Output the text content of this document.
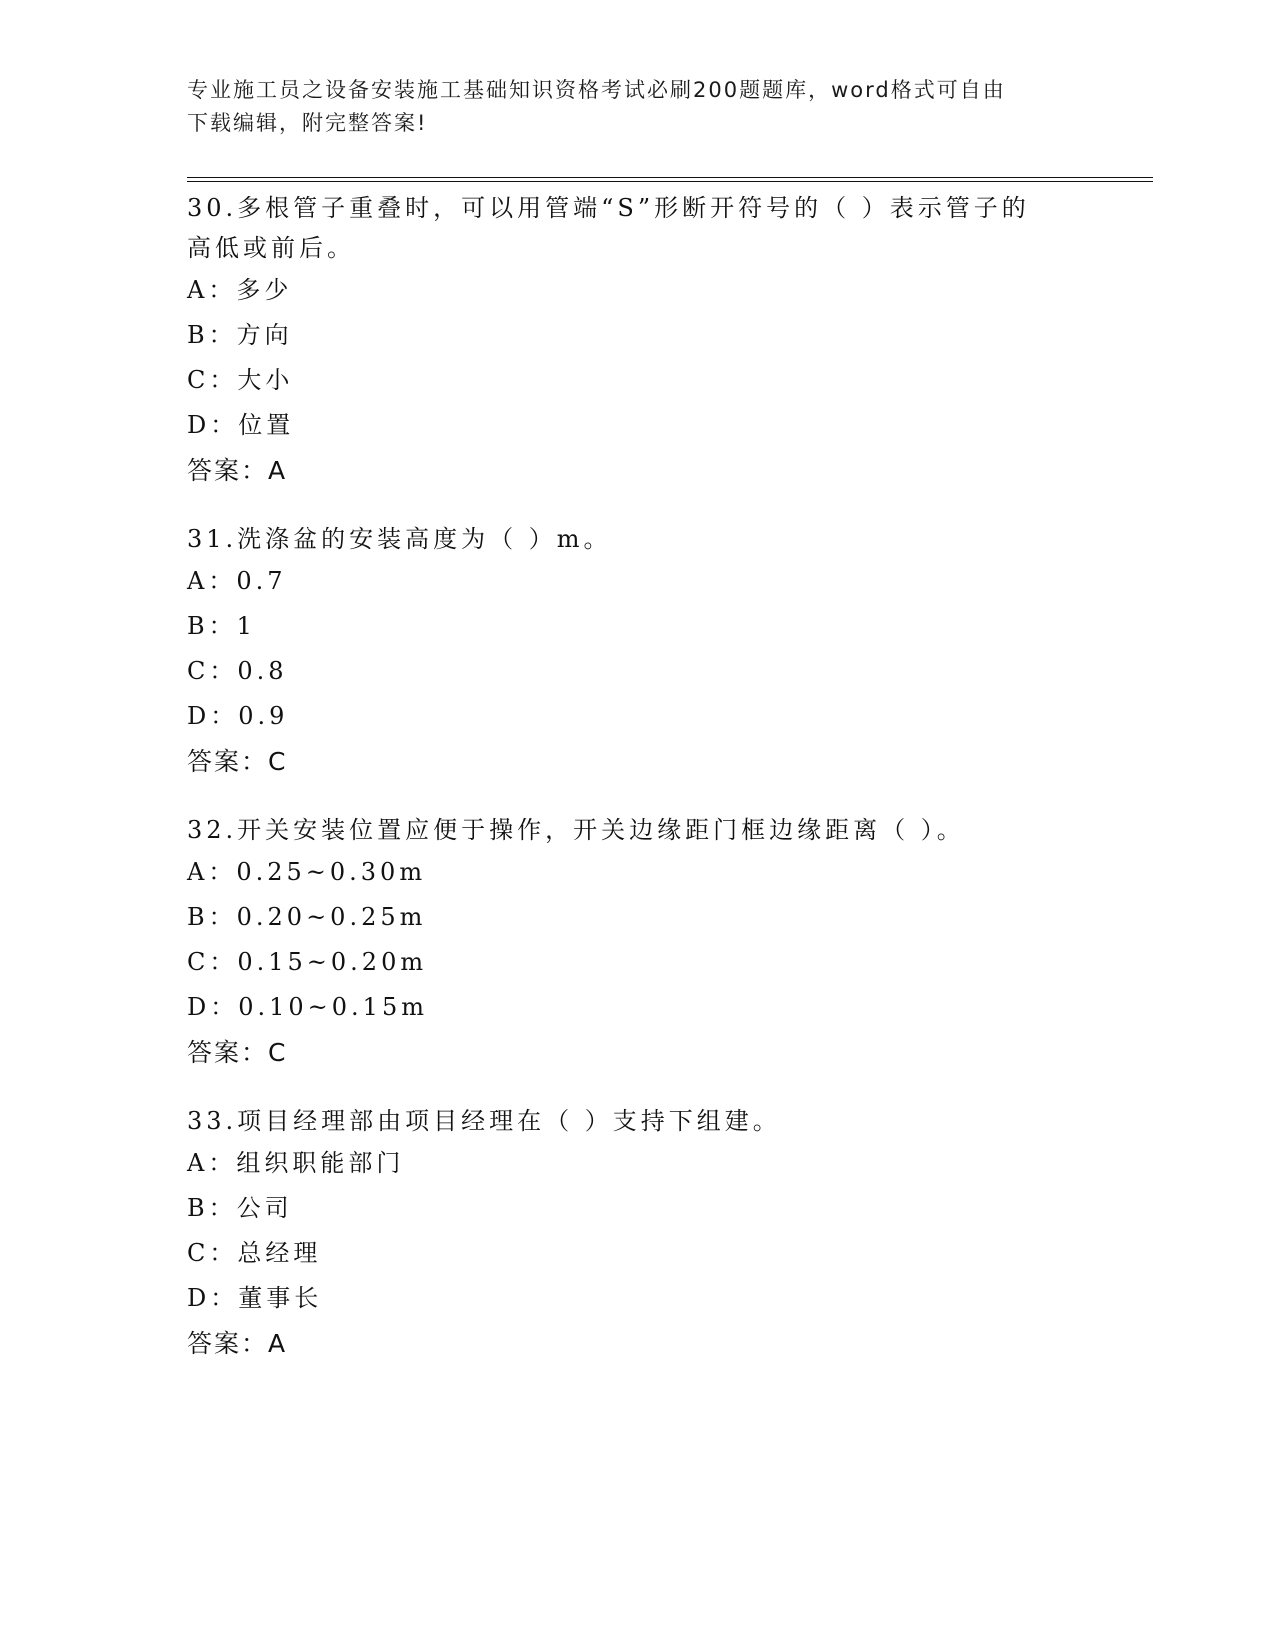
专业施工员之设备安装施工基础知识资格考试必刷200题题库，word格式可自由
下载编辑，附完整答案!

30.多根管子重叠时，可以用管端“S”形断开符号的（ ）表示管子的
高低或前后。

A：多少

B：方向

C：大小

D：位置

答案：A

31.洗涤盆的安装高度为（ ）m。

A：0.7

B：1

C：0.8

D：0.9

答案：C

32.开关安装位置应便于操作，开关边缘距门框边缘距离（ ）。

A：0.25~0.30m

B：0.20~0.25m

C：0.15~0.20m

D：0.10~0.15m

答案：C

33.项目经理部由项目经理在（ ）支持下组建。

A：组织职能部门

B：公司

C：总经理

D：董事长

答案：A
